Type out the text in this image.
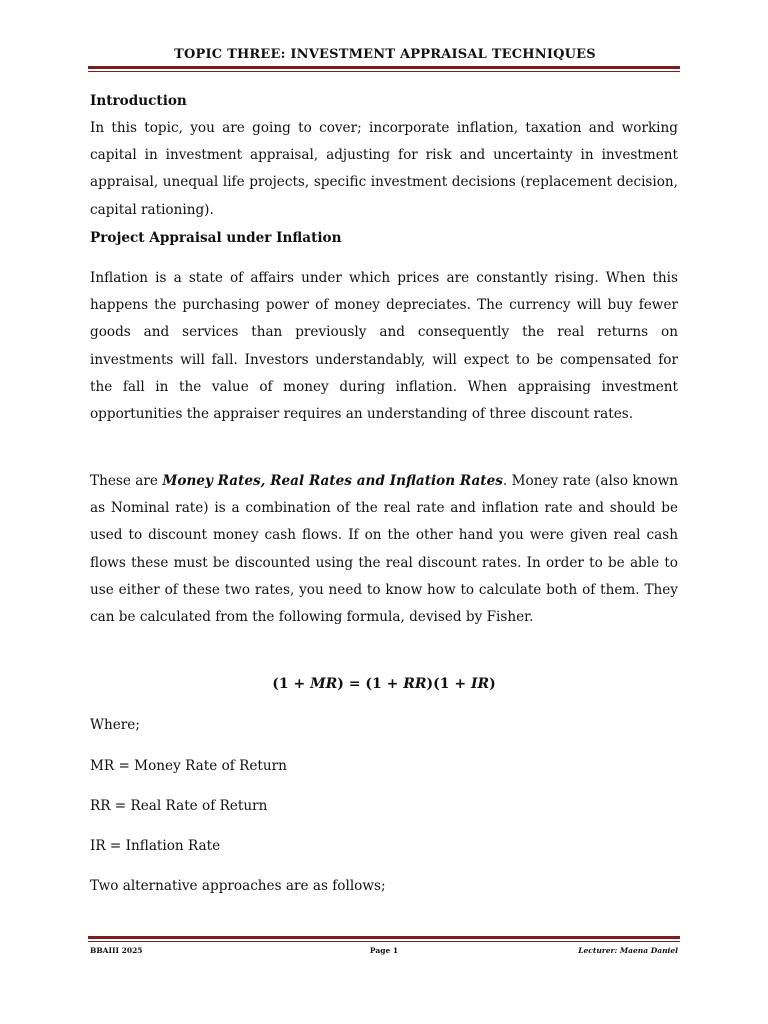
TOPIC THREE: INVESTMENT APPRAISAL TECHNIQUES
Introduction
In this topic, you are going to cover; incorporate inflation, taxation and working capital in investment appraisal, adjusting for risk and uncertainty in investment appraisal, unequal life projects, specific investment decisions (replacement decision, capital rationing).
Project Appraisal under Inflation
Inflation is a state of affairs under which prices are constantly rising. When this happens the purchasing power of money depreciates. The currency will buy fewer goods and services than previously and consequently the real returns on investments will fall. Investors understandably, will expect to be compensated for the fall in the value of money during inflation. When appraising investment opportunities the appraiser requires an understanding of three discount rates.
These are Money Rates, Real Rates and Inflation Rates. Money rate (also known as Nominal rate) is a combination of the real rate and inflation rate and should be used to discount money cash flows. If on the other hand you were given real cash flows these must be discounted using the real discount rates. In order to be able to use either of these two rates, you need to know how to calculate both of them. They can be calculated from the following formula, devised by Fisher.
(1 + MR) = (1 + RR)(1 + IR)
Where;
MR = Money Rate of Return
RR = Real Rate of Return
IR = Inflation Rate
Two alternative approaches are as follows;
BBAIII 2025	Page 1	Lecturer: Maena Daniel
